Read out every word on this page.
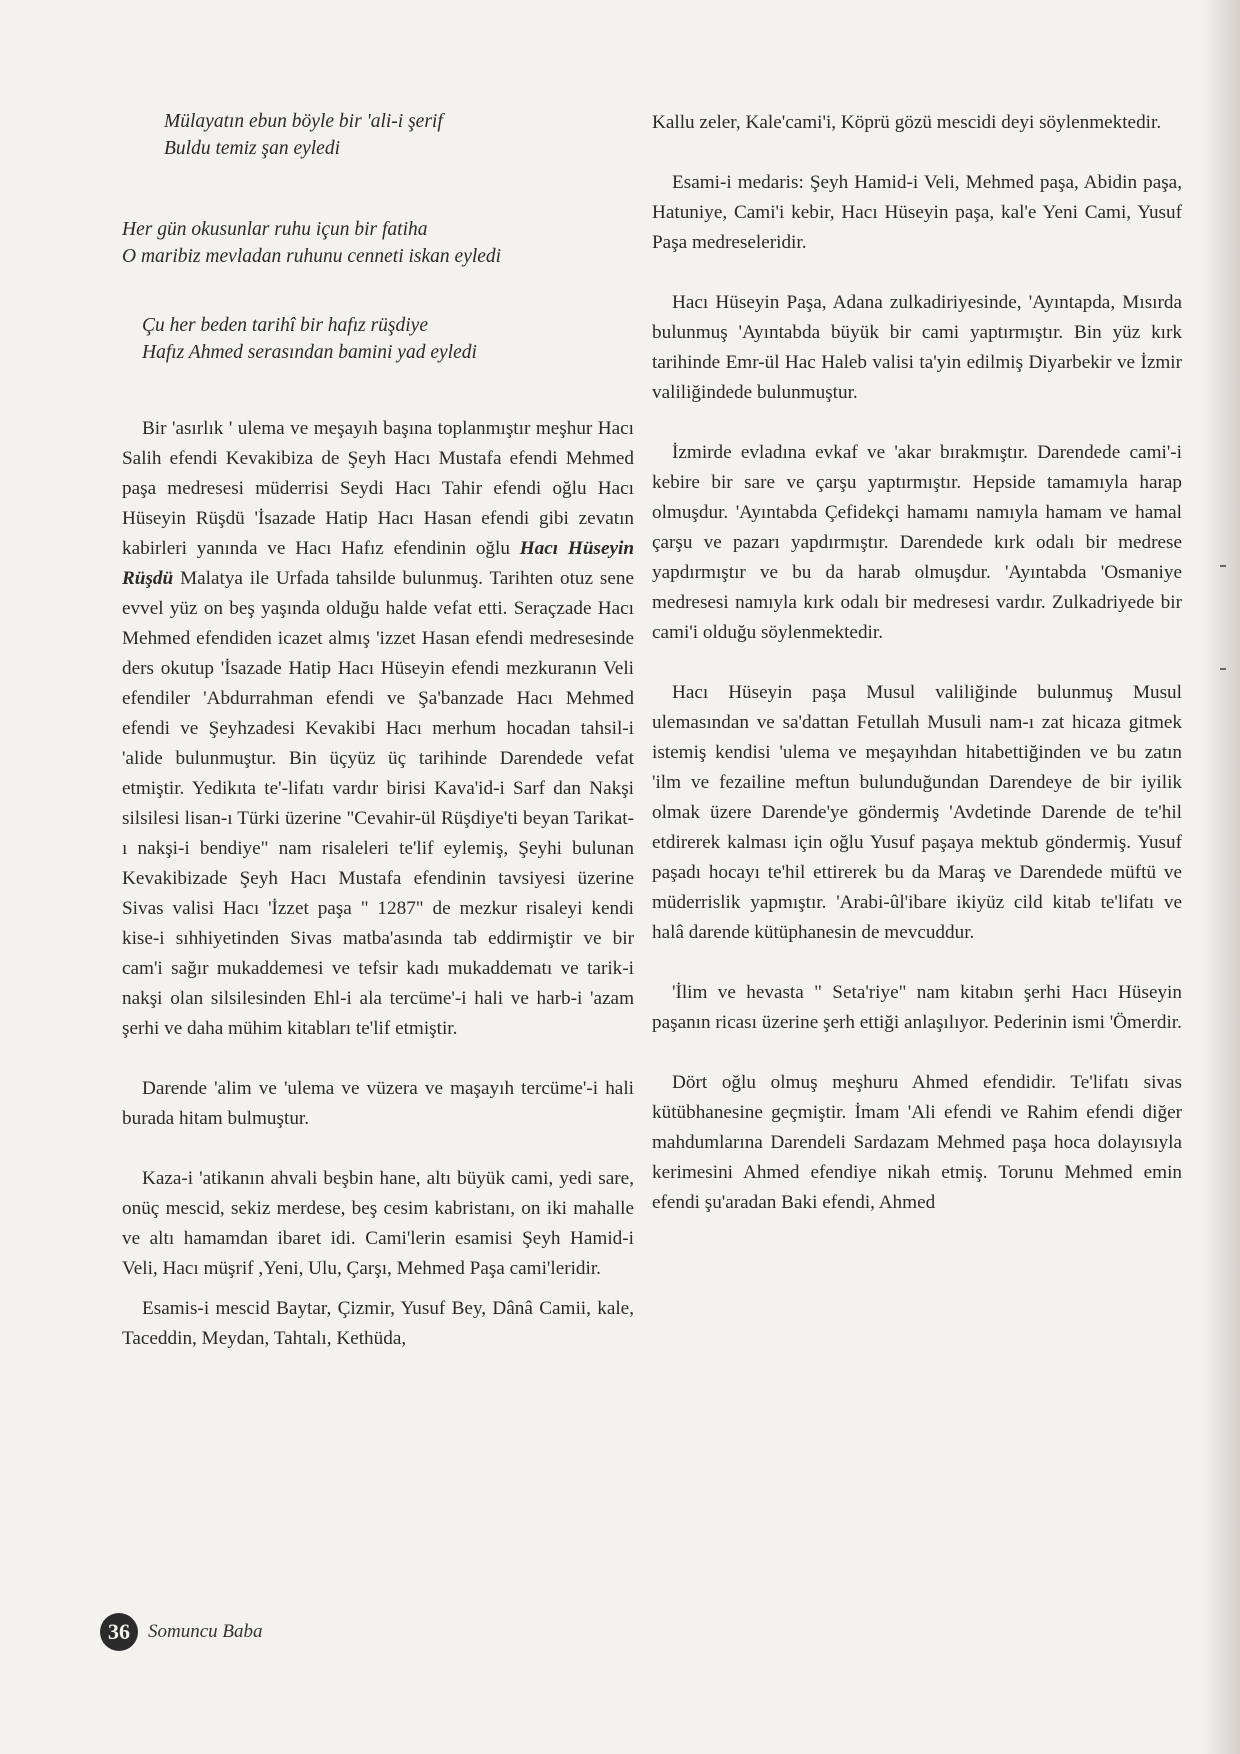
Mülayatın ebun böyle bir 'ali-i şerif
Buldu temiz şan eyledi
Her gün okusunlar ruhu içun bir fatiha
O maribiz mevladan ruhunu cenneti iskan eyledi
Çu her beden tarihî bir hafız rüşdiye
Hafız Ahmed serasından bamini yad eyledi

Bir 'asırlık ' ulema ve meşayıh başına toplanmıştır meşhur Hacı Salih efendi Kevakibiza de Şeyh Hacı Mustafa efendi Mehmed paşa medresesi müderrisi Seydi Hacı Tahir efendi oğlu Hacı Hüseyin Rüşdü 'İsazade Hatip Hacı Hasan efendi gibi zevatın kabirleri yanında ve Hacı Hafız efendinin oğlu Hacı Hüseyin Rüşdü Malatya ile Urfada tahsilde bulunmuş. Tarihten otuz sene evvel yüz on beş yaşında olduğu halde vefat etti. Seraçzade Hacı Mehmed efendiden icazet almış 'izzet Hasan efendi medresesinde ders okutup 'İsazade Hatip Hacı Hüseyin efendi mezkuranın Veli efendiler 'Abdurrahman efendi ve Şa'banzade Hacı Mehmed efendi ve Şeyhzadesi Kevakibi Hacı merhum hocadan tahsil-i 'alide bulunmuştur. Bin üçyüz üç tarihinde Darendede vefat etmiştir. Yedikıta te'-lifatı vardır birisi Kava'id-i Sarf dan Nakşi silsilesi lisan-ı Türki üzerine "Cevahir-ül Rüşdiye'ti beyan Tarikat-ı nakşi-i bendiye" nam risaleleri te'lif eylemiş, Şeyhi bulunan Kevakibizade Şeyh Hacı Mustafa efendinin tavsiyesi üzerine Sivas valisi Hacı 'İzzet paşa " 1287" de mezkur risaleyi kendi kise-i sıhhiyetinden Sivas matba'asında tab eddirmiştir ve bir cam'i sağır mukaddemesi ve tefsir kadı mukaddematı ve tarik-i nakşi olan silsilesinden Ehl-i ala tercüme'-i hali ve harb-i 'azam şerhi ve daha mühim kitabları te'lif etmiştir.

Darende 'alim ve 'ulema ve vüzera ve maşayıh tercüme'-i hali burada hitam bulmuştur.

Kaza-i 'atikanın ahvali beşbin hane, altı büyük cami, yedi sare, onüç mescid, sekiz merdese, beş cesim kabristanı, on iki mahalle ve altı hamamdan ibaret idi. Cami'lerin esamisi Şeyh Hamid-i Veli, Hacı müşrif ,Yeni, Ulu, Çarşı, Mehmed Paşa cami'leridir.

Esamis-i mescid Baytar, Çizmir, Yusuf Bey, Dânâ Camii, kale, Taceddin, Meydan, Tahtalı, Kethüda,

Kallu zeler, Kale'cami'i, Köprü gözü mescidi deyi söylenmektedir.

Esami-i medaris: Şeyh Hamid-i Veli, Mehmed paşa, Abidin paşa, Hatuniye, Cami'i kebir, Hacı Hüseyin paşa, kal'e Yeni Cami, Yusuf Paşa medreseleridir.

Hacı Hüseyin Paşa, Adana zulkadiriyesinde, 'Ayıntapda, Mısırda bulunmuş 'Ayıntabda büyük bir cami yaptırmıştır. Bin yüz kırk tarihinde Emr-ül Hac Haleb valisi ta'yin edilmiş Diyarbekir ve İzmir valiliğindede bulunmuştur.

İzmirde evladına evkaf ve 'akar bırakmıştır. Darendede cami'-i kebire bir sare ve çarşu yaptırmıştır. Hepside tamamıyla harap olmuşdur. 'Ayıntabda Çefidekçi hamamı namıyla hamam ve hamal çarşu ve pazarı yapdırmıştır. Darendede kırk odalı bir medrese yapdırmıştır ve bu da harab olmuşdur. 'Ayıntabda 'Osmaniye medresesi namıyla kırk odalı bir medresesi vardır. Zulkadriyede bir cami'i olduğu söylenmektedir.

Hacı Hüseyin paşa Musul valiliğinde bulunmuş Musul ulemasından ve sa'dattan Fetullah Musuli nam-ı zat hicaza gitmek istemiş kendisi 'ulema ve meşayıhdan hitabettiğinden ve bu zatın 'ilm ve fezailine meftun bulunduğundan Darendeye de bir iyilik olmak üzere Darende'ye göndermiş 'Avdetinde Darende de te'hil etdirerek kalması için oğlu Yusuf paşaya mektub göndermiş. Yusuf paşadı hocayı te'hil ettirerek bu da Maraş ve Darendede müftü ve müderrislik yapmıştır. 'Arabi-ûl'ibare ikiyüz cild kitab te'lifatı ve halâ darende kütüphanesin de mevcuddur.

'İlim ve hevasta " Seta'riye" nam kitabın şerhi Hacı Hüseyin paşanın ricası üzerine şerh ettiği anlaşılıyor. Pederinin ismi 'Ömerdir.

Dört oğlu olmuş meşhuru Ahmed efendidir. Te'lifatı sivas kütübhanesine geçmiştir. İmam 'Ali efendi ve Rahim efendi diğer mahdumlarına Darendeli Sardazam Mehmed paşa hoca dolayısıyla kerimesini Ahmed efendiye nikah etmiş. Torunu Mehmed emin efendi şu'aradan Baki efendi, Ahmed

36 Somuncu Baba
